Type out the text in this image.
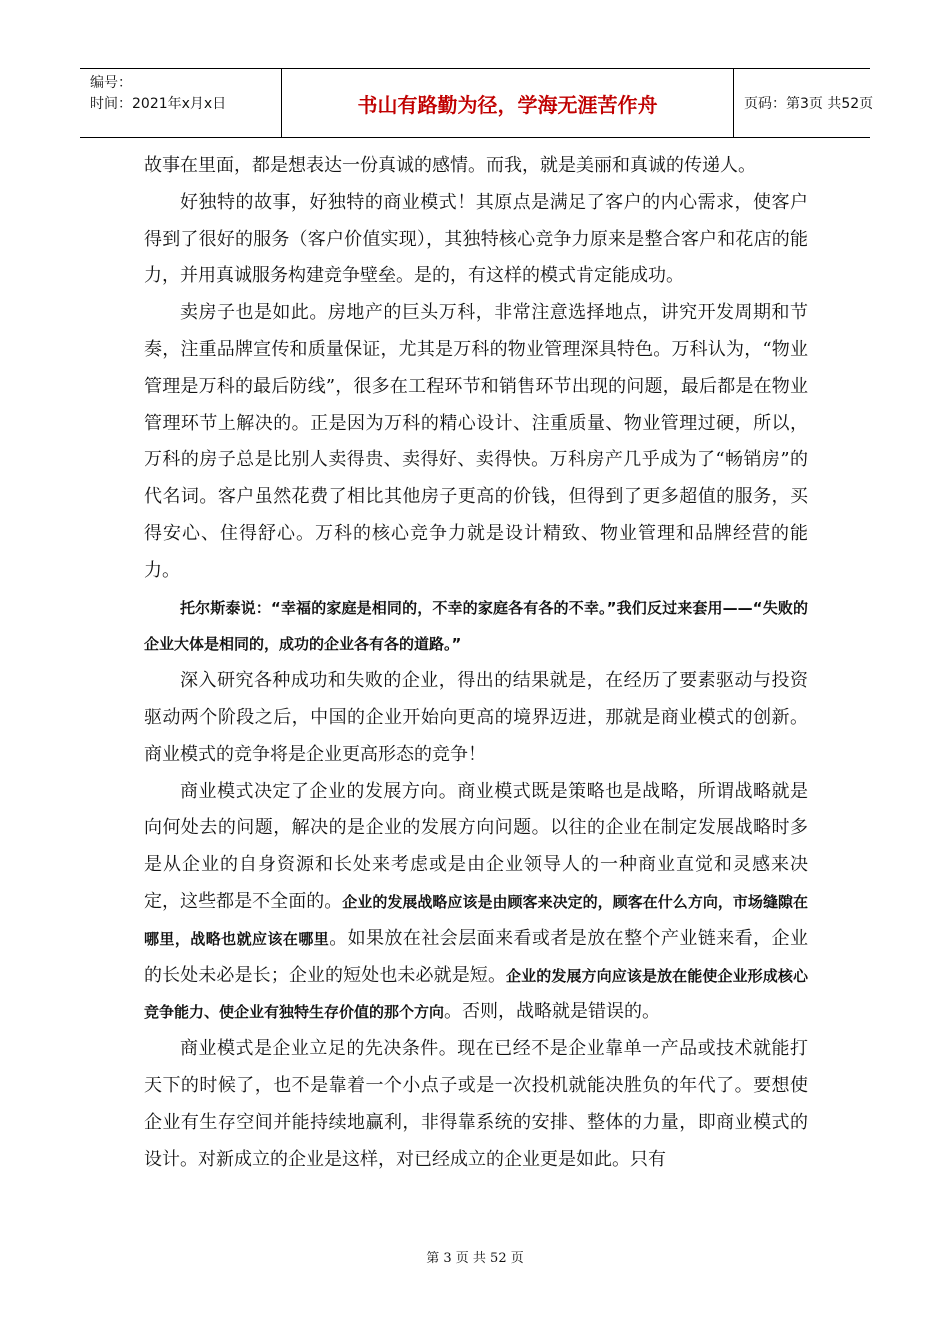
编号：
时间：2021年x月x日	书山有路勤为径，学海无涯苦作舟	页码：第3页 共52页

故事在里面，都是想表达一份真诚的感情。而我，就是美丽和真诚的传递人。

好独特的故事，好独特的商业模式！其原点是满足了客户的内心需求，使客户得到了很好的服务（客户价值实现），其独特核心竞争力原来是整合客户和花店的能力，并用真诚服务构建竞争壁垒。是的，有这样的模式肯定能成功。

卖房子也是如此。房地产的巨头万科，非常注意选择地点，讲究开发周期和节奏，注重品牌宣传和质量保证，尤其是万科的物业管理深具特色。万科认为，“物业管理是万科的最后防线”，很多在工程环节和销售环节出现的问题，最后都是在物业管理环节上解决的。正是因为万科的精心设计、注重质量、物业管理过硬，所以，万科的房子总是比别人卖得贵、卖得好、卖得快。万科房产几乎成为了“畅销房”的代名词。客户虽然花费了相比其他房子更高的价钱，但得到了更多超值的服务，买得安心、住得舒心。万科的核心竞争力就是设计精致、物业管理和品牌经营的能力。

托尔斯泰说：“幸福的家庭是相同的，不幸的家庭各有各的不幸。”我们反过来套用——“失败的企业大体是相同的，成功的企业各有各的道路。”

深入研究各种成功和失败的企业，得出的结果就是，在经历了要素驱动与投资驱动两个阶段之后，中国的企业开始向更高的境界迈进，那就是商业模式的创新。商业模式的竞争将是企业更高形态的竞争！

商业模式决定了企业的发展方向。商业模式既是策略也是战略，所谓战略就是向何处去的问题，解决的是企业的发展方向问题。以往的企业在制定发展战略时多是从企业的自身资源和长处来考虑或是由企业领导人的一种商业直觉和灵感来决定，这些都是不全面的。企业的发展战略应该是由顾客来决定的，顾客在什么方向，市场缝隙在哪里，战略也就应该在哪里。如果放在社会层面来看或者是放在整个产业链来看，企业的长处未必是长；企业的短处也未必就是短。企业的发展方向应该是放在能使企业形成核心竞争能力、使企业有独特生存价值的那个方向。否则，战略就是错误的。

商业模式是企业立足的先决条件。现在已经不是企业靠单一产品或技术就能打天下的时候了，也不是靠着一个小点子或是一次投机就能决胜负的年代了。要想使企业有生存空间并能持续地赢利，非得靠系统的安排、整体的力量，即商业模式的设计。对新成立的企业是这样，对已经成立的企业更是如此。只有

第 3 页 共 52 页
